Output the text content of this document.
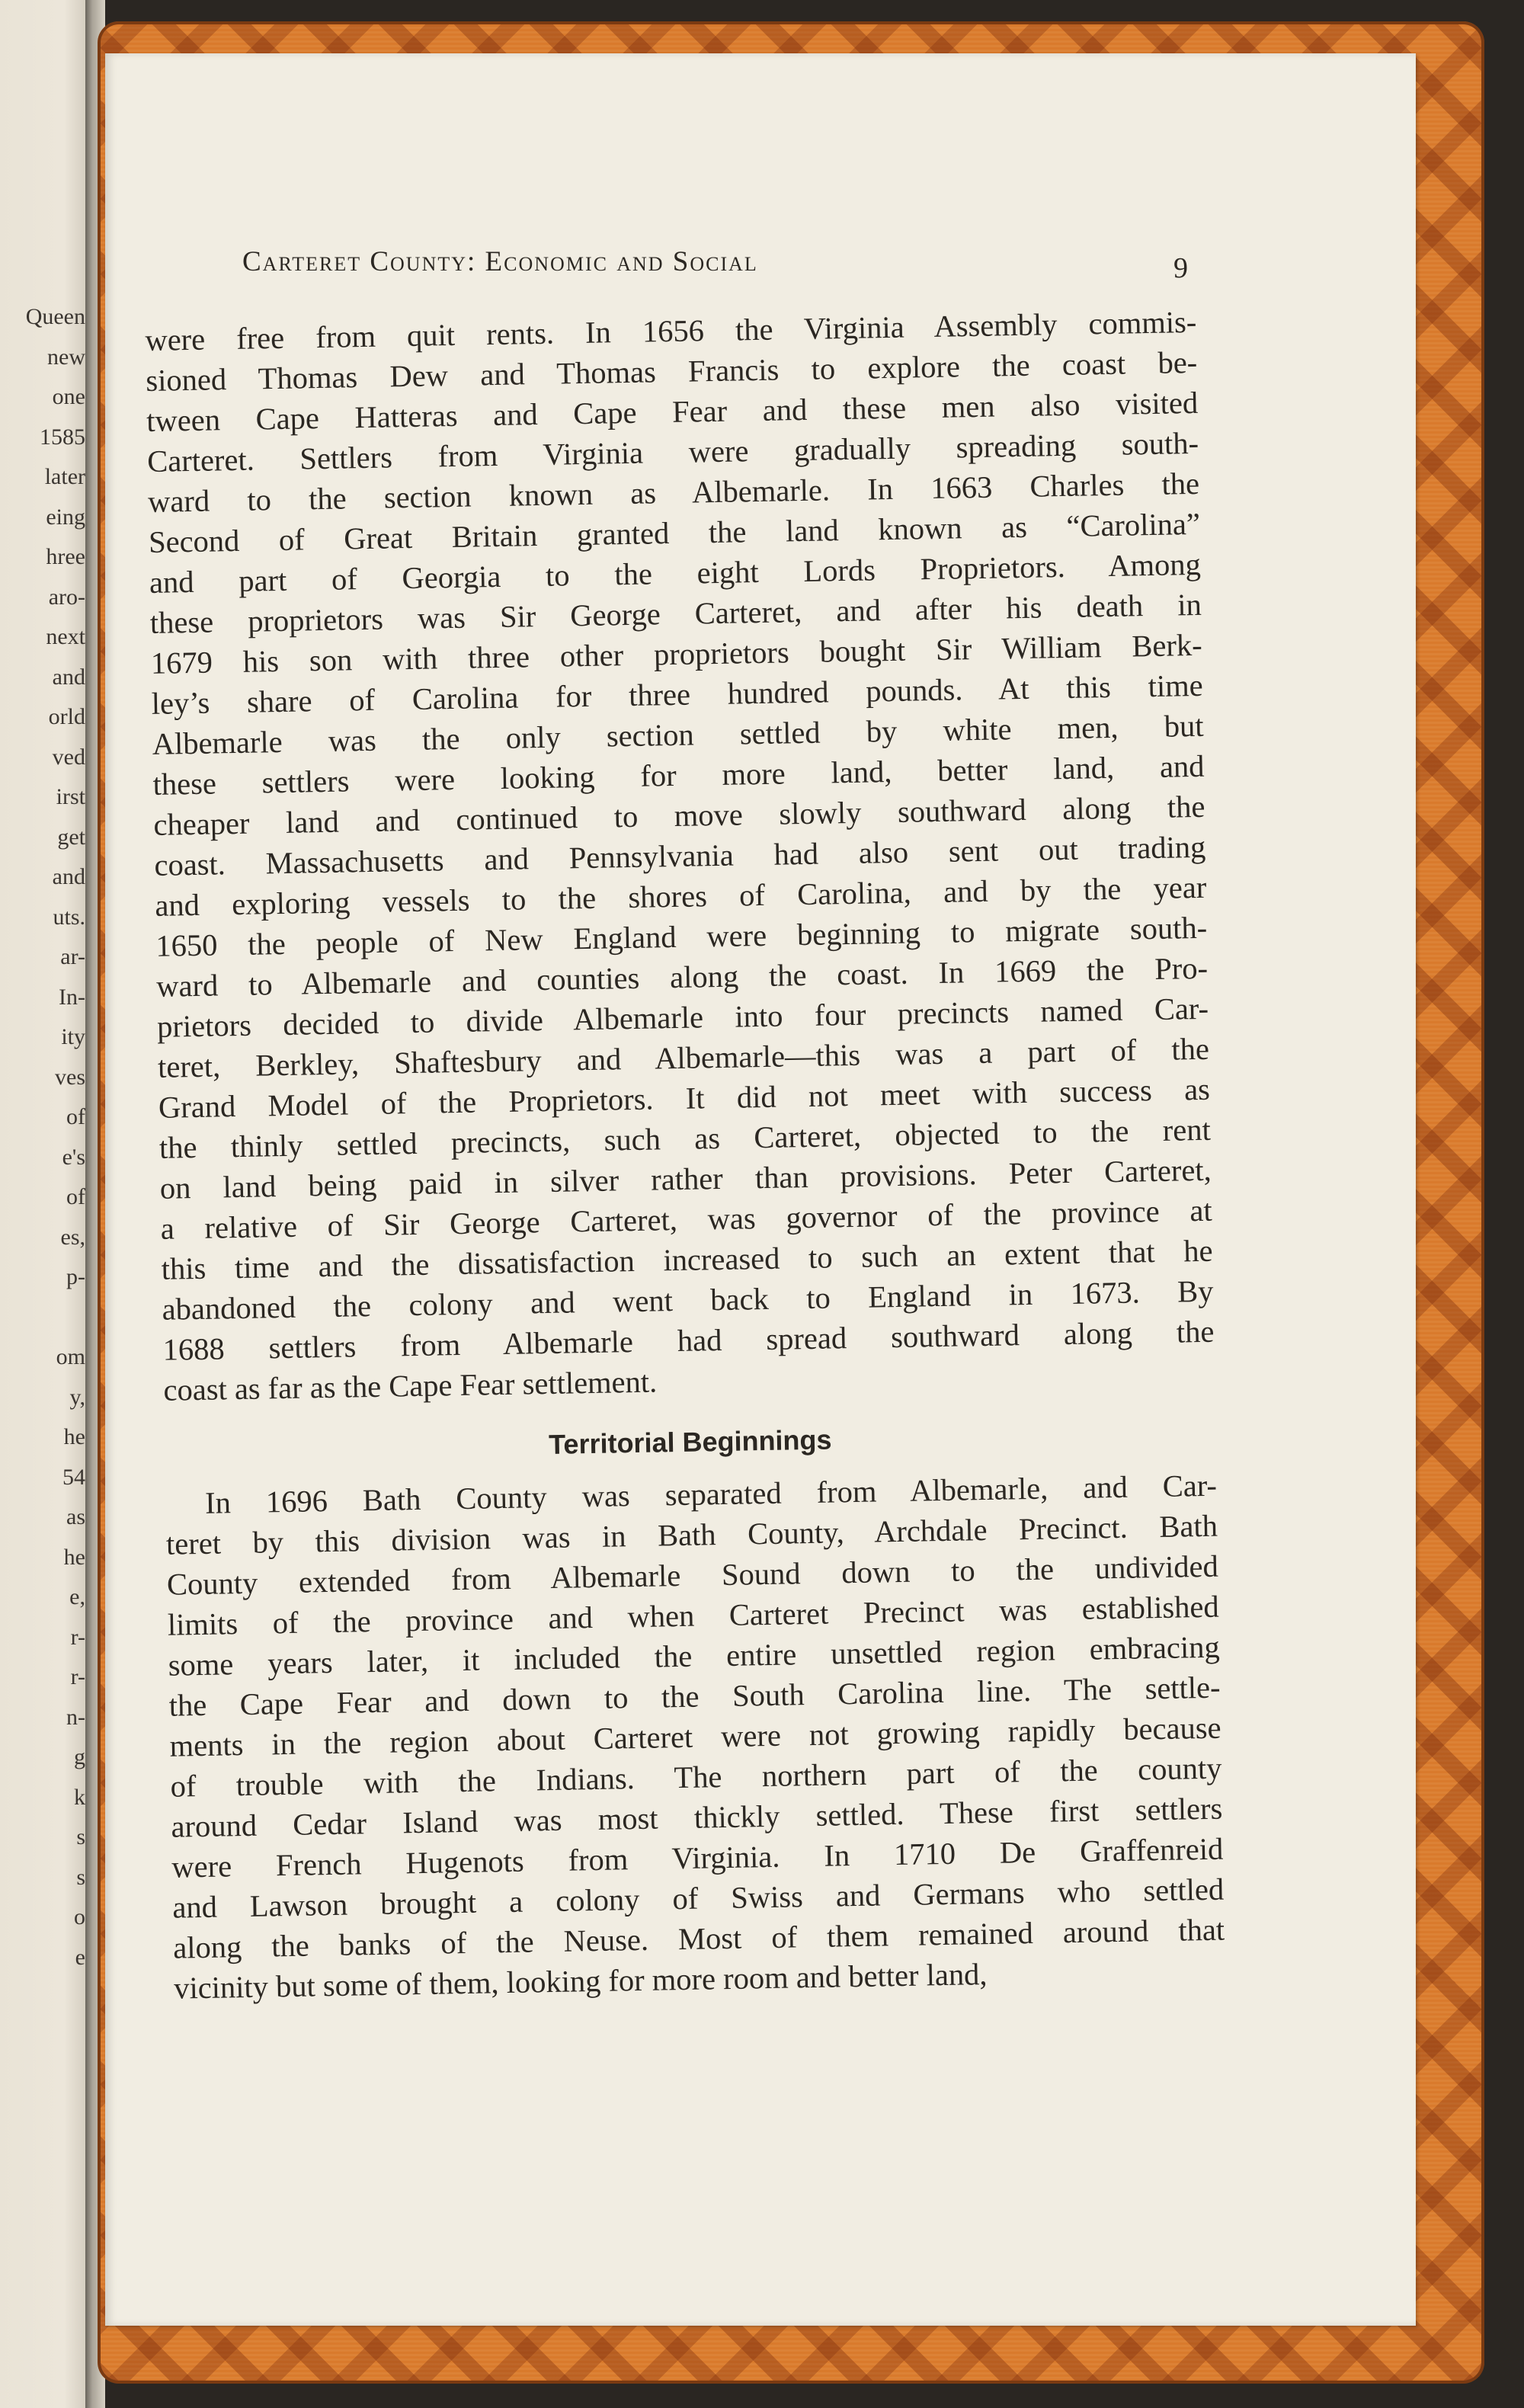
Queen
new
one
1585
later
eing
hree
aro-
next
and
orld
ved
irst
get
and
uts.
ar-
In-
ity
ves
of
e's
of
es,
p-
om
y,
he
54
as
he
e,
r-
r-
n-
g
k
s
s
o
e
Carteret County: Economic and Social	9
were free from quit rents. In 1656 the Virginia Assembly commis-
sioned Thomas Dew and Thomas Francis to explore the coast be-
tween Cape Hatteras and Cape Fear and these men also visited
Carteret. Settlers from Virginia were gradually spreading south-
ward to the section known as Albemarle. In 1663 Charles the
Second of Great Britain granted the land known as “Carolina”
and part of Georgia to the eight Lords Proprietors. Among
these proprietors was Sir George Carteret, and after his death in
1679 his son with three other proprietors bought Sir William Berk-
ley’s share of Carolina for three hundred pounds. At this time
Albemarle was the only section settled by white men, but
these settlers were looking for more land, better land, and
cheaper land and continued to move slowly southward along the
coast. Massachusetts and Pennsylvania had also sent out trading
and exploring vessels to the shores of Carolina, and by the year
1650 the people of New England were beginning to migrate south-
ward to Albemarle and counties along the coast. In 1669 the Pro-
prietors decided to divide Albemarle into four precincts named Car-
teret, Berkley, Shaftesbury and Albemarle—this was a part of the
Grand Model of the Proprietors. It did not meet with success as
the thinly settled precincts, such as Carteret, objected to the rent
on land being paid in silver rather than provisions. Peter Carteret,
a relative of Sir George Carteret, was governor of the province at
this time and the dissatisfaction increased to such an extent that he
abandoned the colony and went back to England in 1673. By
1688 settlers from Albemarle had spread southward along the
coast as far as the Cape Fear settlement.
Territorial Beginnings
In 1696 Bath County was separated from Albemarle, and Car-
teret by this division was in Bath County, Archdale Precinct. Bath
County extended from Albemarle Sound down to the undivided
limits of the province and when Carteret Precinct was established
some years later, it included the entire unsettled region embracing
the Cape Fear and down to the South Carolina line. The settle-
ments in the region about Carteret were not growing rapidly because
of trouble with the Indians. The northern part of the county
around Cedar Island was most thickly settled. These first settlers
were French Hugenots from Virginia. In 1710 De Graffenreid
and Lawson brought a colony of Swiss and Germans who settled
along the banks of the Neuse. Most of them remained around that
vicinity but some of them, looking for more room and better land,
